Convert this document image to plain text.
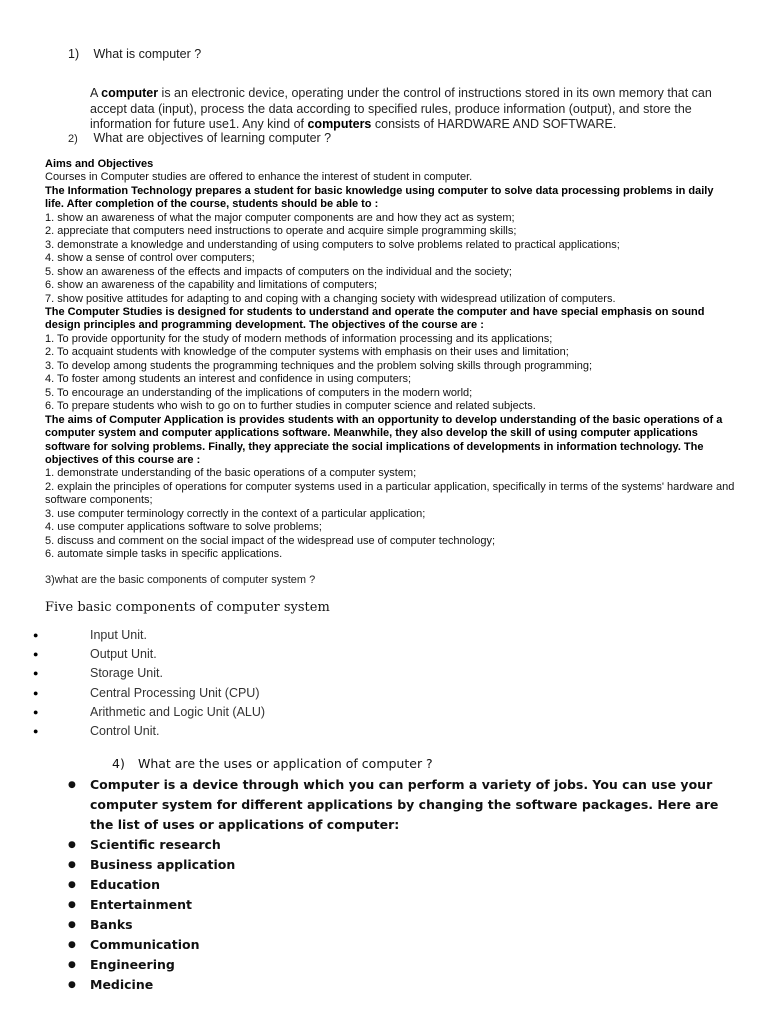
1) What is computer ?
A computer is an electronic device, operating under the control of instructions stored in its own memory that can accept data (input), process the data according to specified rules, produce information (output), and store the information for future use1. Any kind of computers consists of HARDWARE AND SOFTWARE.
2) What are objectives of learning computer ?

Aims and Objectives

Courses in Computer studies are offered to enhance the interest of student in computer.

The Information Technology prepares a student for basic knowledge using computer to solve data processing problems in daily life. After completion of the course, students should be able to :

1. show an awareness of what the major computer components are and how they act as system;

2. appreciate that computers need instructions to operate and acquire simple programming skills;

3. demonstrate a knowledge and understanding of using computers to solve problems related to practical applications;

4. show a sense of control over computers;

5. show an awareness of the effects and impacts of computers on the individual and the society;

6. show an awareness of the capability and limitations of computers;

7. show positive attitudes for adapting to and coping with a changing society with widespread utilization of computers.

The Computer Studies is designed for students to understand and operate the computer and have special emphasis on sound design principles and programming development. The objectives of the course are :

1. To provide opportunity for the study of modern methods of information processing and its applications;

2. To acquaint students with knowledge of the computer systems with emphasis on their uses and limitation;

3. To develop among students the programming techniques and the problem solving skills through programming;

4. To foster among students an interest and confidence in using computers;

5. To encourage an understanding of the implications of computers in the modern world;

6. To prepare students who wish to go on to further studies in computer science and related subjects.

The aims of Computer Application is provides students with an opportunity to develop understanding of the basic operations of a computer system and computer applications software. Meanwhile, they also develop the skill of using computer applications software for solving problems. Finally, they appreciate the social implications of developments in information technology. The objectives of this course are :

1. demonstrate understanding of the basic operations of a computer system;

2. explain the principles of operations for computer systems used in a particular application, specifically in terms of the systems' hardware and software components;

3. use computer terminology correctly in the context of a particular application;

4. use computer applications software to solve problems;

5. discuss and comment on the social impact of the widespread use of computer technology;

6. automate simple tasks in specific applications.

3)what are the basic components of computer system ?
Five basic components of computer system
●	Input Unit.
●	Output Unit.
●	Storage Unit.
●	Central Processing Unit (CPU)
●	Arithmetic and Logic Unit (ALU)
●	Control Unit.
4) What are the uses or application of computer ?
● Computer is a device through which you can perform a variety of jobs. You can use your computer system for different applications by changing the software packages. Here are the list of uses or applications of computer:
● Scientific research
● Business application
● Education
● Entertainment
● Banks
● Communication
● Engineering
● Medicine
